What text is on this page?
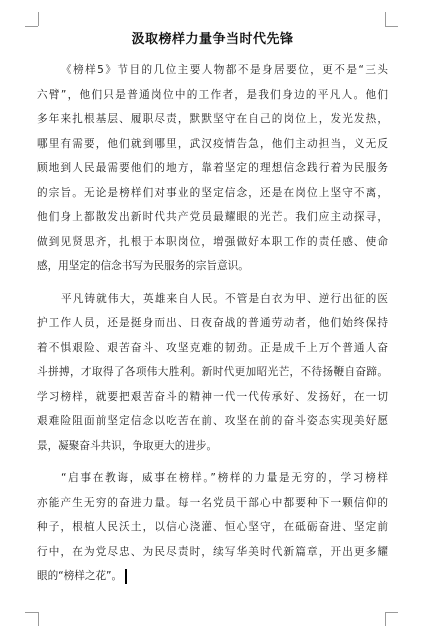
汲取榜样力量争当时代先锋
《榜样5》节目的几位主要人物都不是身居要位，更不是“三头
六臂”，他们只是普通岗位中的工作者，是我们身边的平凡人。他们
多年来扎根基层、履职尽责，默默坚守在自己的岗位上，发光发热，
哪里有需要，他们就到哪里，武汉疫情告急，他们主动担当，义无反
顾地到人民最需要他们的地方，靠着坚定的理想信念践行着为民服务
的宗旨。无论是榜样们对事业的坚定信念，还是在岗位上坚守不离，
他们身上都散发出新时代共产党员最耀眼的光芒。我们应主动探寻，
做到见贤思齐，扎根于本职岗位，增强做好本职工作的责任感、使命
感，用坚定的信念书写为民服务的宗旨意识。
平凡铸就伟大，英雄来自人民。不管是白衣为甲、逆行出征的医
护工作人员，还是挺身而出、日夜奋战的普通劳动者，他们始终保持
着不惧艰险、艰苦奋斗、攻坚克难的韧劲。正是成千上万个普通人奋
斗拼搏，才取得了各项伟大胜利。新时代更加昭光芒，不待扬鞭自奋蹄。
学习榜样，就要把艰苦奋斗的精神一代一代传承好、发扬好，在一切
艰难险阻面前坚定信念以吃苦在前、攻坚在前的奋斗姿态实现美好愿
景，凝聚奋斗共识，争取更大的进步。
“启事在教诲，威事在榜样。”榜样的力量是无穷的，学习榜样
亦能产生无穷的奋进力量。每一名党员干部心中都要种下一颗信仰的
种子，根植人民沃土，以信心浇灌、恒心坚守，在砥砺奋进、坚定前
行中，在为党尽忠、为民尽责时，续写华美时代新篇章，开出更多耀
眼的“榜样之花”。
